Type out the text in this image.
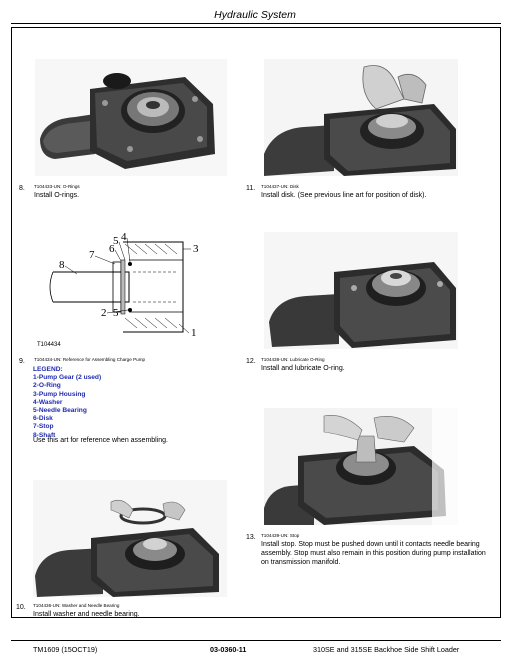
Hydraulic System
8. T104433-UN: O-Rings
Install O-rings.
11. T104437-UN: Disk
Install disk. (See previous line art for position of disk).
8
7 6
5 4
3
2 5
1
T104434
9. T104434-UN: Reference for Assembling Charge Pump
LEGEND:
1-Pump Gear (2 used)
2-O-Ring
3-Pump Housing
4-Washer
5-Needle Bearing
6-Disk
7-Stop
8-Shaft
Use this art for reference when assembling.
12. T104438-UN: Lubricate O-Ring
Install and lubricate O-ring.
13. T104439-UN: Stop
Install stop. Stop must be pushed down until it contacts needle bearing assembly. Stop must also remain in this position during pump installation on transmission manifold.
10. T104436-UN: Washer and Needle Bearing
Install washer and needle bearing.
TM1609 (15OCT19)	03-0360-11	310SE and 315SE Backhoe Side Shift Loader
